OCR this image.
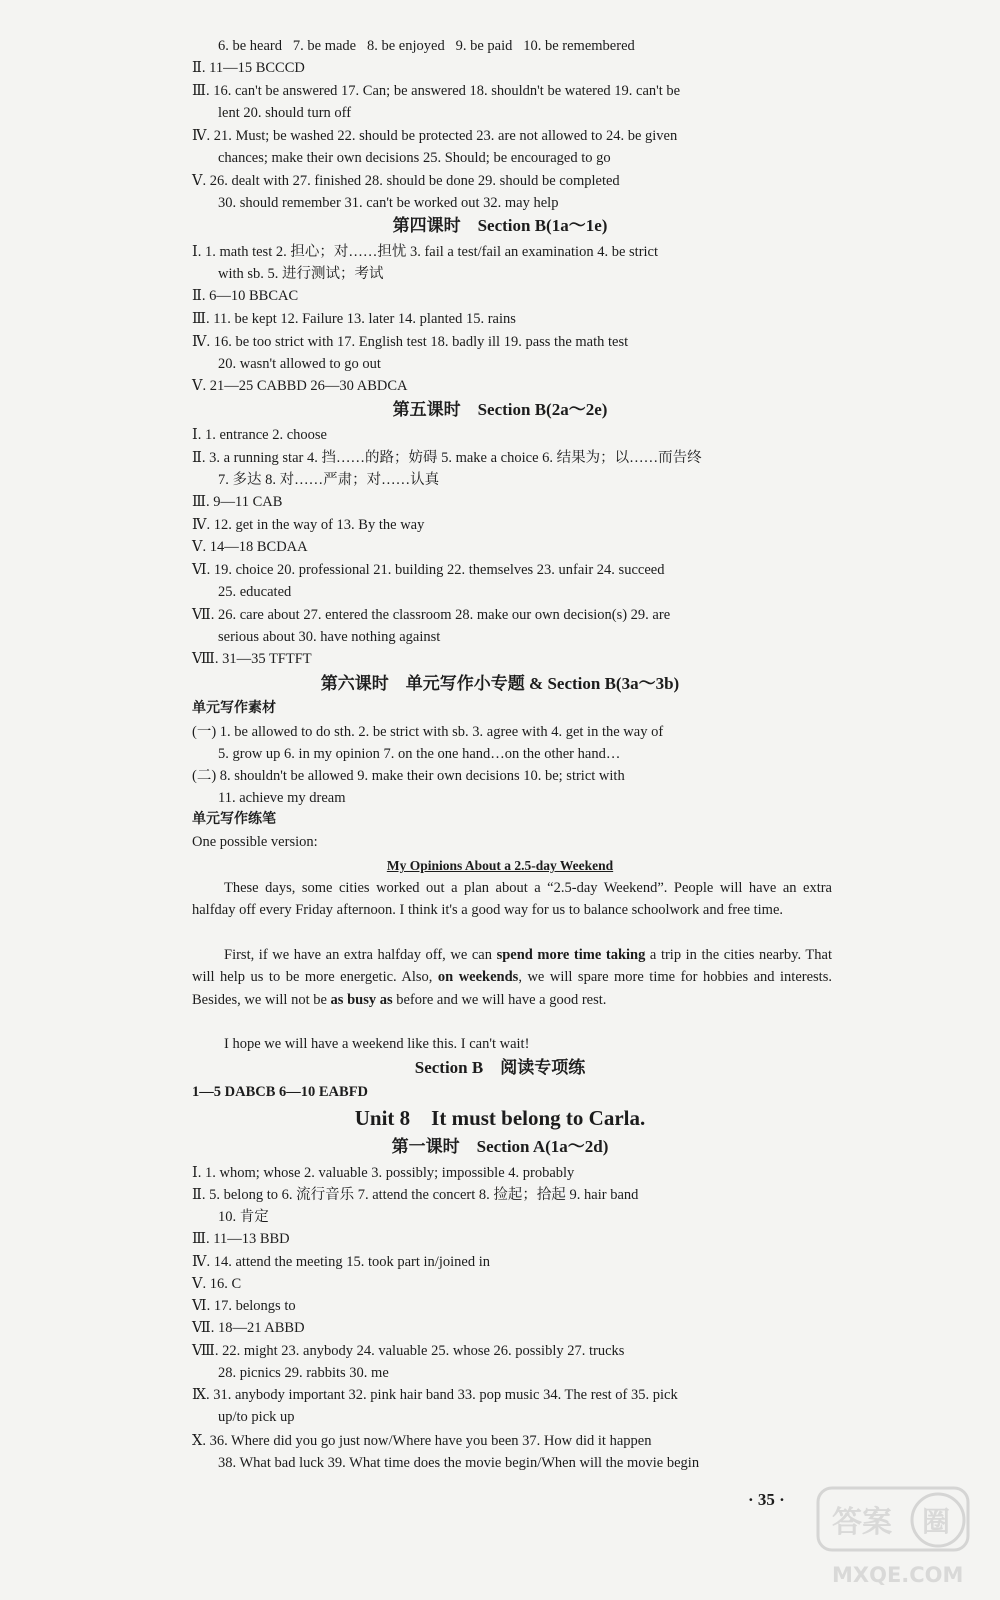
6. be heard 7. be made 8. be enjoyed 9. be paid 10. be remembered
Ⅱ. 11—15 BCCCD
Ⅲ. 16. can't be answered 17. Can; be answered 18. shouldn't be watered 19. can't be
lent 20. should turn off
Ⅳ. 21. Must; be washed 22. should be protected 23. are not allowed to 24. be given
chances; make their own decisions 25. Should; be encouraged to go
Ⅴ. 26. dealt with 27. finished 28. should be done 29. should be completed
30. should remember 31. can't be worked out 32. may help
第四课时　Section B(1a～1e)
Ⅰ. 1. math test 2. 担心；对……担忧 3. fail a test/fail an examination 4. be strict
with sb. 5. 进行测试；考试
Ⅱ. 6—10 BBCAC
Ⅲ. 11. be kept 12. Failure 13. later 14. planted 15. rains
Ⅳ. 16. be too strict with 17. English test 18. badly ill 19. pass the math test
20. wasn't allowed to go out
Ⅴ. 21—25 CABBD 26—30 ABDCA
第五课时　Section B(2a～2e)
Ⅰ. 1. entrance 2. choose
Ⅱ. 3. a running star 4. 挡……的路；妨碍 5. make a choice 6. 结果为；以……而告终
7. 多达 8. 对……严肃；对……认真
Ⅲ. 9—11 CAB
Ⅳ. 12. get in the way of 13. By the way
Ⅴ. 14—18 BCDAA
Ⅵ. 19. choice 20. professional 21. building 22. themselves 23. unfair 24. succeed
25. educated
Ⅶ. 26. care about 27. entered the classroom 28. make our own decision(s) 29. are
serious about 30. have nothing against
Ⅷ. 31—35 TFTFT
第六课时　单元写作小专题 & Section B(3a～3b)
单元写作素材
(一) 1. be allowed to do sth. 2. be strict with sb. 3. agree with 4. get in the way of
5. grow up 6. in my opinion 7. on the one hand…on the other hand…
(二) 8. shouldn't be allowed 9. make their own decisions 10. be; strict with
11. achieve my dream
单元写作练笔
One possible version:
My Opinions About a 2.5-day Weekend
These days, some cities worked out a plan about a “2.5-day Weekend”. People will have an extra halfday off every Friday afternoon. I think it's a good way for us to balance schoolwork and free time.
First, if we have an extra halfday off, we can spend more time taking a trip in the cities nearby. That will help us to be more energetic. Also, on weekends, we will spare more time for hobbies and interests. Besides, we will not be as busy as before and we will have a good rest.
I hope we will have a weekend like this. I can't wait!
Section B　阅读专项练
1—5 DABCB 6—10 EABFD
Unit 8　It must belong to Carla.
第一课时　Section A(1a～2d)
Ⅰ. 1. whom; whose 2. valuable 3. possibly; impossible 4. probably
Ⅱ. 5. belong to 6. 流行音乐 7. attend the concert 8. 捡起；拾起 9. hair band
10. 肯定
Ⅲ. 11—13 BBD
Ⅳ. 14. attend the meeting 15. took part in/joined in
Ⅴ. 16. C
Ⅵ. 17. belongs to
Ⅶ. 18—21 ABBD
Ⅷ. 22. might 23. anybody 24. valuable 25. whose 26. possibly 27. trucks
28. picnics 29. rabbits 30. me
Ⅸ. 31. anybody important 32. pink hair band 33. pop music 34. The rest of 35. pick
up/to pick up
Ⅹ. 36. Where did you go just now/Where have you been 37. How did it happen
38. What bad luck 39. What time does the movie begin/When will the movie begin
· 35 ·
答案 圈
MXQE.COM
